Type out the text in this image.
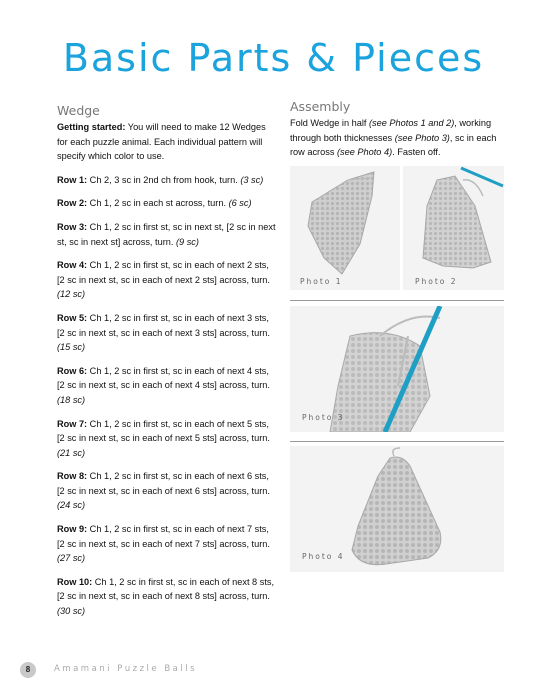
Basic Parts & Pieces
Wedge

Getting started: You will need to make 12 Wedges for each puzzle animal. Each individual pattern will specify which color to use.

Row 1: Ch 2, 3 sc in 2nd ch from hook, turn. (3 sc)

Row 2: Ch 1, 2 sc in each st across, turn. (6 sc)

Row 3: Ch 1, 2 sc in first st, sc in next st, [2 sc in next st, sc in next st] across, turn. (9 sc)

Row 4: Ch 1, 2 sc in first st, sc in each of next 2 sts, [2 sc in next st, sc in each of next 2 sts] across, turn. (12 sc)

Row 5: Ch 1, 2 sc in first st, sc in each of next 3 sts, [2 sc in next st, sc in each of next 3 sts] across, turn. (15 sc)

Row 6: Ch 1, 2 sc in first st, sc in each of next 4 sts, [2 sc in next st, sc in each of next 4 sts] across, turn. (18 sc)

Row 7: Ch 1, 2 sc in first st, sc in each of next 5 sts, [2 sc in next st, sc in each of next 5 sts] across, turn. (21 sc)

Row 8: Ch 1, 2 sc in first st, sc in each of next 6 sts, [2 sc in next st, sc in each of next 6 sts] across, turn. (24 sc)

Row 9: Ch 1, 2 sc in first st, sc in each of next 7 sts, [2 sc in next st, sc in each of next 7 sts] across, turn. (27 sc)

Row 10: Ch 1, 2 sc in first st, sc in each of next 8 sts, [2 sc in next st, sc in each of next 8 sts] across, turn. (30 sc)

Assembly

Fold Wedge in half (see Photos 1 and 2), working through both thicknesses (see Photo 3), sc in each row across (see Photo 4). Fasten off.

Photo 1	Photo 2
Photo 3
Photo 4
8	Amamani Puzzle Balls
